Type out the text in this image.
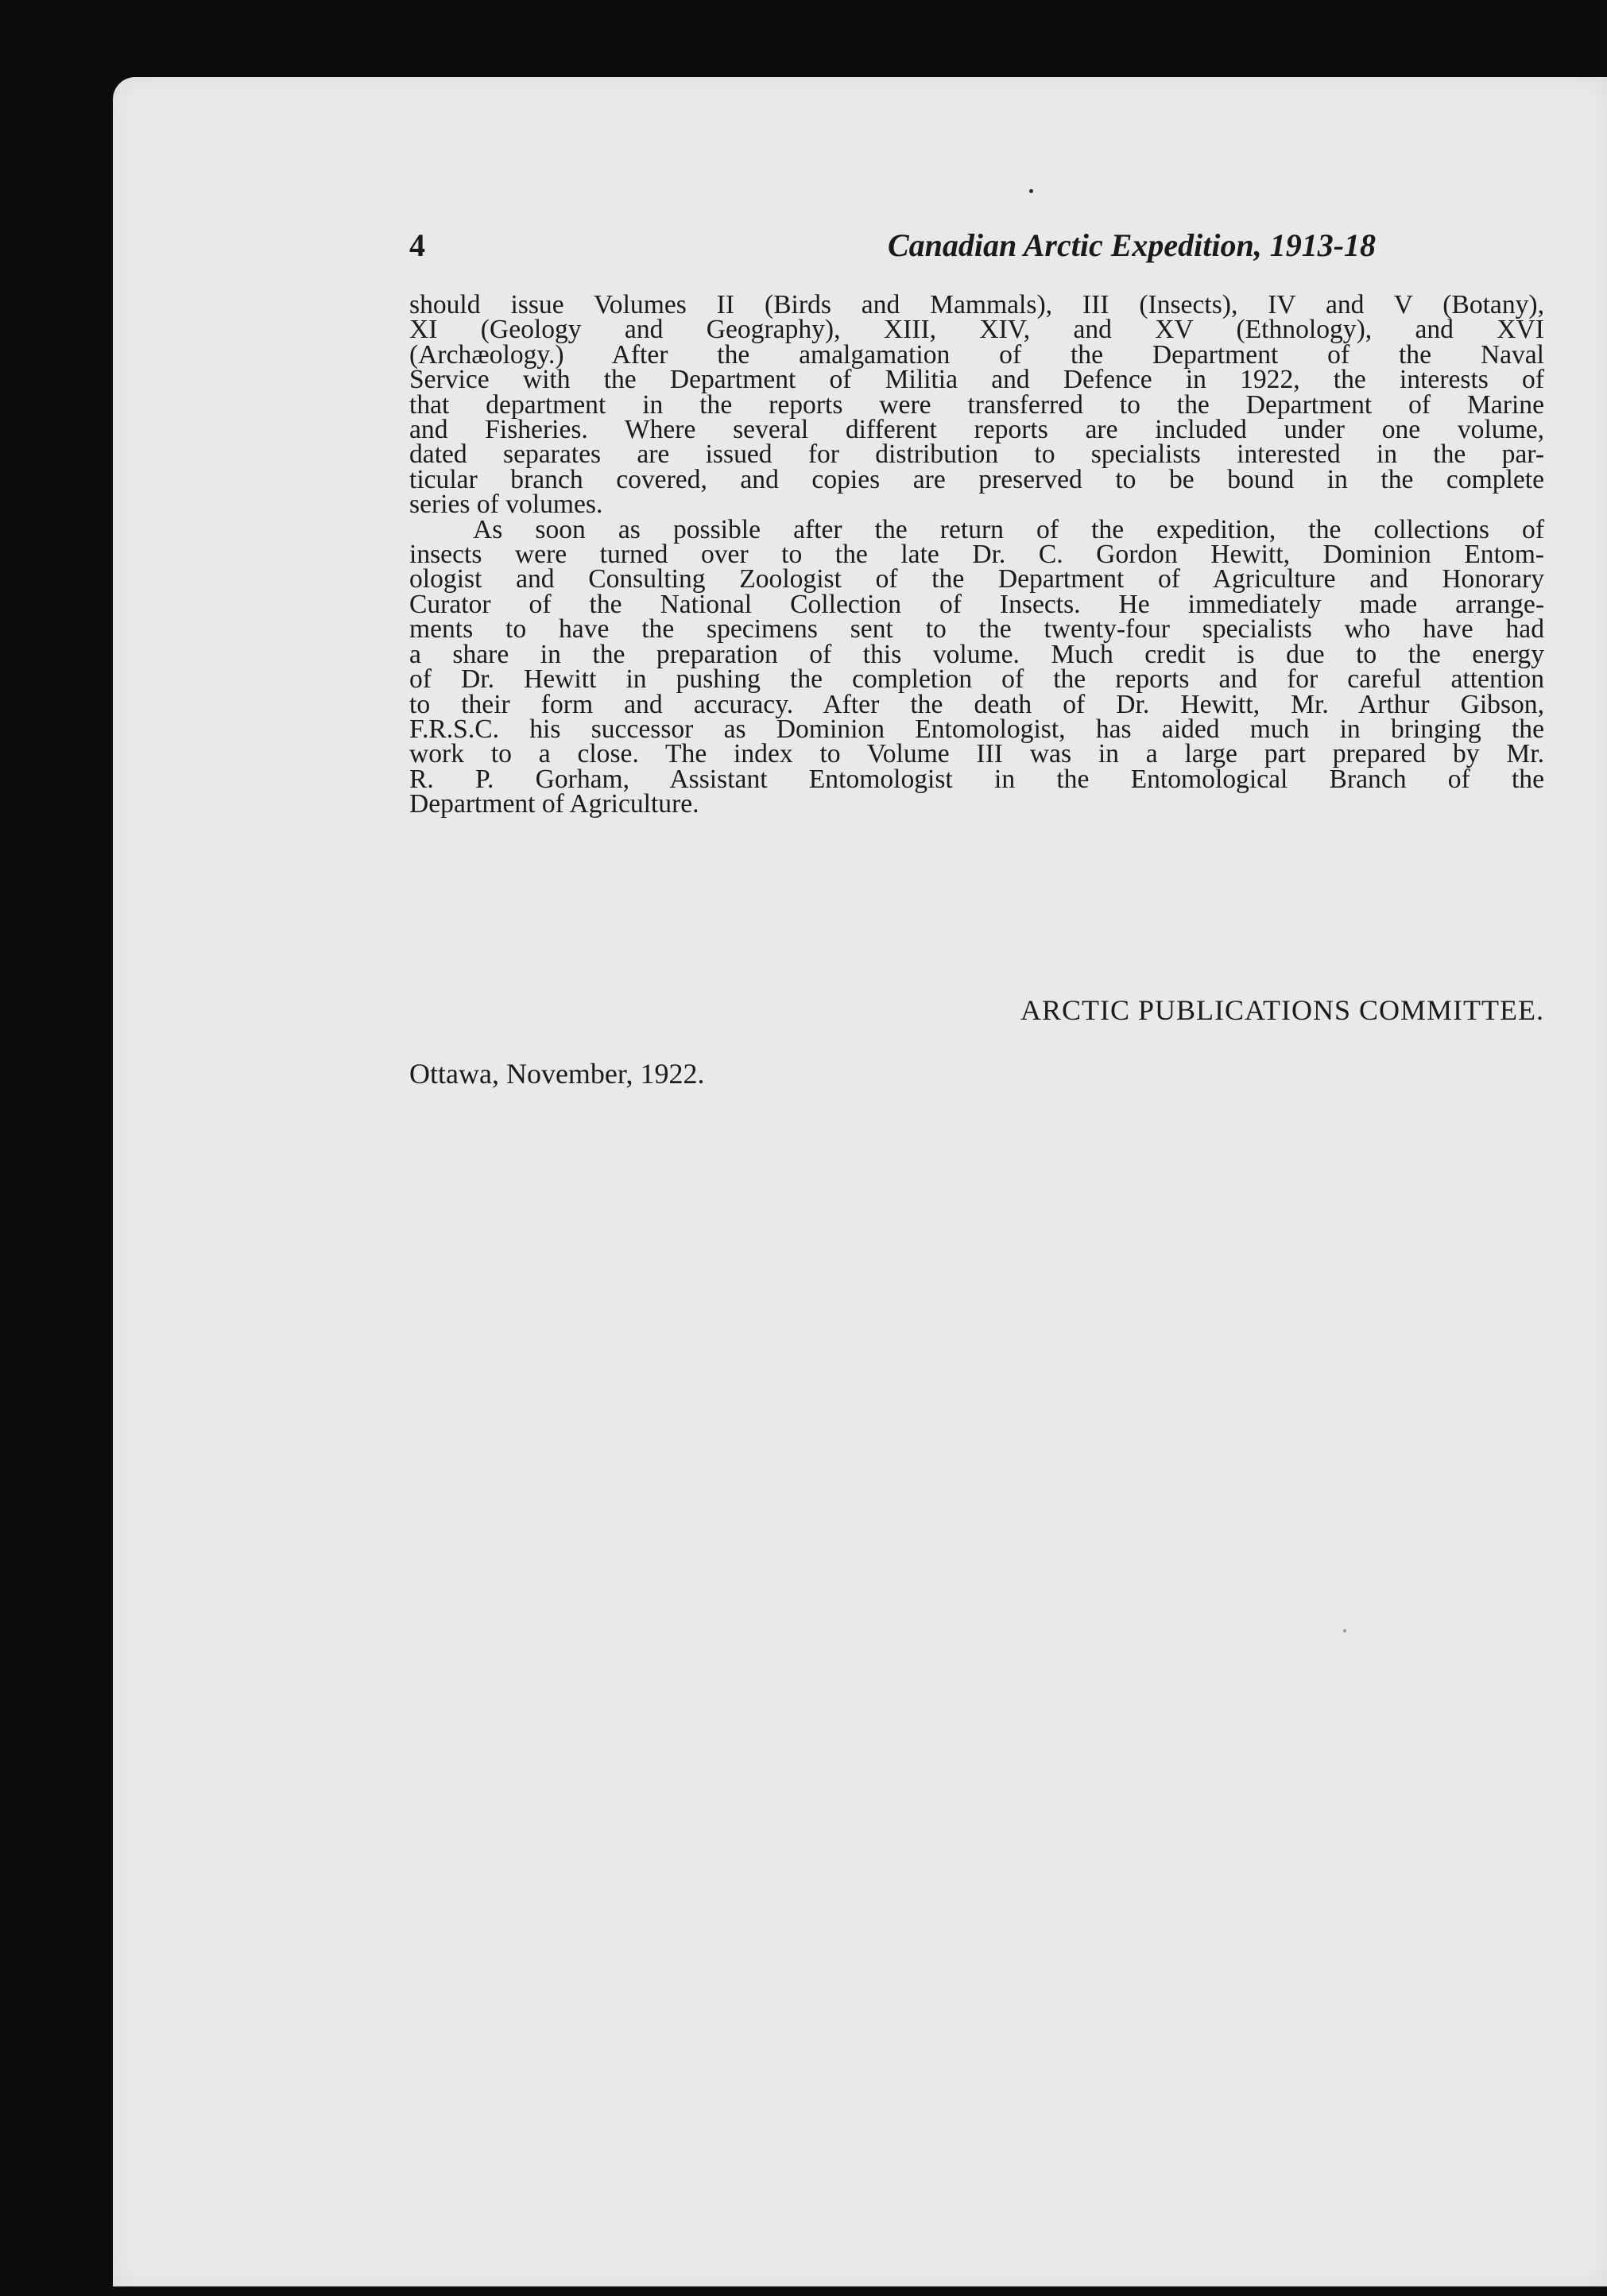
4	Canadian Arctic Expedition, 1913-18

should issue Volumes II (Birds and Mammals), III (Insects), IV and V (Botany),
XI (Geology and Geography), XIII, XIV, and XV (Ethnology), and XVI
(Archæology.) After the amalgamation of the Department of the Naval
Service with the Department of Militia and Defence in 1922, the interests of
that department in the reports were transferred to the Department of Marine
and Fisheries. Where several different reports are included under one volume,
dated separates are issued for distribution to specialists interested in the par-
ticular branch covered, and copies are preserved to be bound in the complete
series of volumes.

As soon as possible after the return of the expedition, the collections of
insects were turned over to the late Dr. C. Gordon Hewitt, Dominion Entom-
ologist and Consulting Zoologist of the Department of Agriculture and Honorary
Curator of the National Collection of Insects. He immediately made arrange-
ments to have the specimens sent to the twenty-four specialists who have had
a share in the preparation of this volume. Much credit is due to the energy
of Dr. Hewitt in pushing the completion of the reports and for careful attention
to their form and accuracy. After the death of Dr. Hewitt, Mr. Arthur Gibson,
F.R.S.C. his successor as Dominion Entomologist, has aided much in bringing the
work to a close. The index to Volume III was in a large part prepared by Mr.
R. P. Gorham, Assistant Entomologist in the Entomological Branch of the
Department of Agriculture.

ARCTIC PUBLICATIONS COMMITTEE.
Ottawa, November, 1922.
